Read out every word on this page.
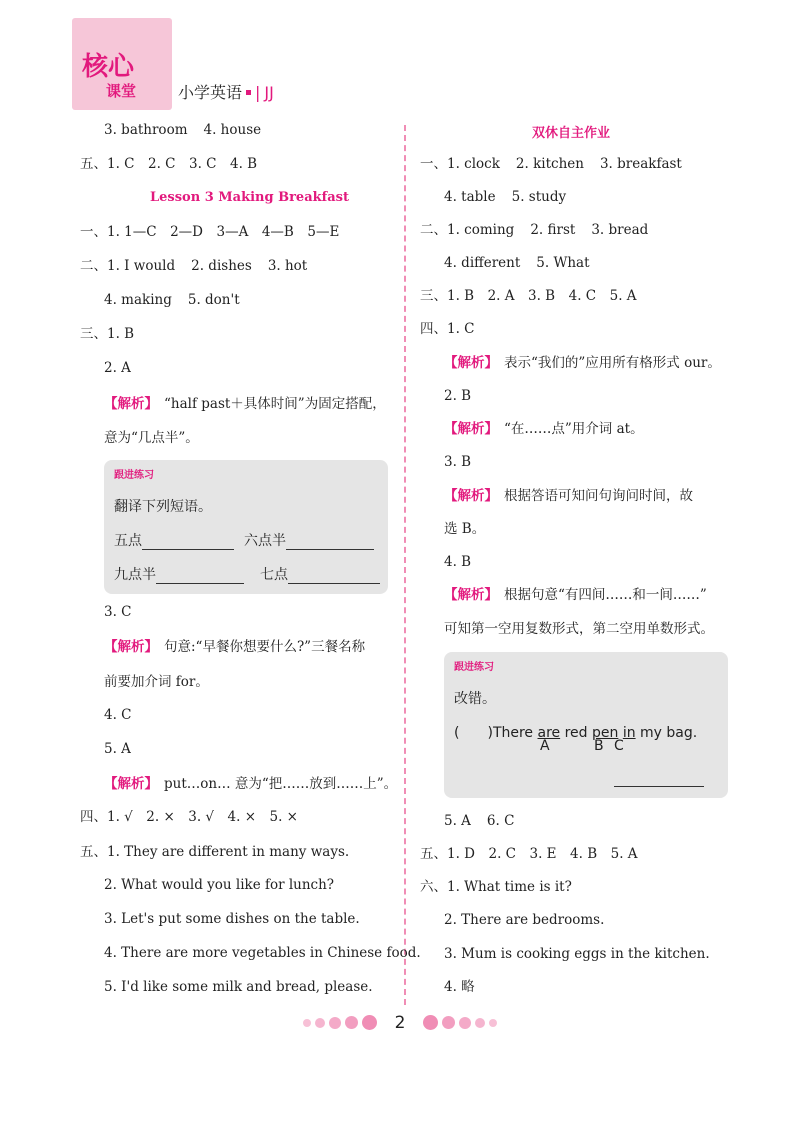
核心
课堂	小学英语 | JJ
3. bathroom 4. house
五、1. C　2. C　3. C　4. B
Lesson 3 Making Breakfast
一、1. 1—C　2—D　3—A　4—B　5—E
二、1. I would 2. dishes 3. hot
4. making 5. don't
三、1. B
2. A
【解析】 “half past＋具体时间”为固定搭配，
意为“几点半”。
跟进练习
翻译下列短语。
五点	六点半
九点半	七点
3. C
【解析】 句意:“早餐你想要什么?”三餐名称
前要加介词 for。
4. C
5. A
【解析】 put…on… 意为“把……放到……上”。
四、1. √　2. ×　3. √　4. ×　5. ×
五、1. They are different in many ways.
2. What would you like for lunch?
3. Let's put some dishes on the table.
4. There are more vegetables in Chinese food.
5. I'd like some milk and bread, please.
双休自主作业
一、1. clock 2. kitchen 3. breakfast
4. table 5. study
二、1. coming 2. first 3. bread
4. different 5. What
三、1. B　2. A　3. B　4. C　5. A
四、1. C
【解析】 表示“我们的”应用所有格形式 our。
2. B
【解析】 “在……点”用介词 at。
3. B
【解析】 根据答语可知问句询问时间，故
选 B。
4. B
【解析】 根据句意“有四间……和一间……”
可知第一空用复数形式，第二空用单数形式。
跟进练习
改错。
(　　)There are red pen in my bag.
A	B C
5. A 6. C
五、1. D　2. C　3. E　4. B　5. A
六、1. What time is it?
2. There are bedrooms.
3. Mum is cooking eggs in the kitchen.
4. 略
2
